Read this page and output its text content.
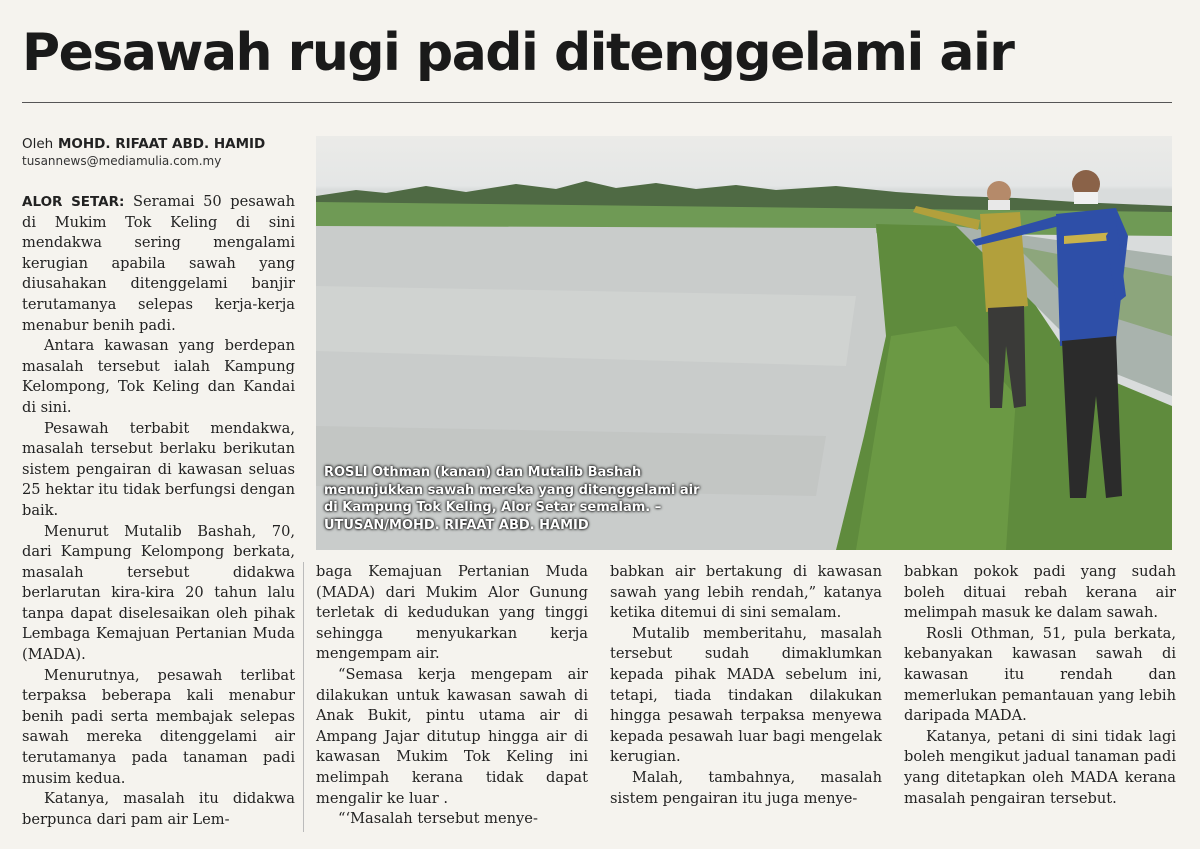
Pesawah rugi padi ditenggelami air
Oleh MOHD. RIFAAT ABD. HAMID
tusannews@mediamulia.com.my

ALOR SETAR: Seramai 50 pesawah di Mukim Tok Keling di sini mendakwa sering mengalami kerugian apabila sawah yang diusahakan ditenggelami banjir terutamanya selepas kerja-kerja menabur benih padi.

Antara kawasan yang berdepan masalah tersebut ialah Kampung Kelompong, Tok Keling dan Kandai di sini.

Pesawah terbabit mendakwa, masalah tersebut berlaku berikutan sistem pengairan di kawasan seluas 25 hektar itu tidak berfungsi dengan baik.

Menurut Mutalib Bashah, 70, dari Kampung Kelompong berkata, masalah tersebut didakwa berlarutan kira-kira 20 tahun lalu tanpa dapat diselesaikan oleh pihak Lembaga Kemajuan Pertanian Muda (MADA).

Menurutnya, pesawah terlibat terpaksa beberapa kali menabur benih padi serta membajak selepas sawah mereka ditenggelami air terutamanya pada tanaman padi musim kedua.

Katanya, masalah itu didakwa berpunca dari pam air Lem-

ROSLI Othman (kanan) dan Mutalib Bashah menunjukkan sawah mereka yang ditenggelami air di Kampung Tok Keling, Alor Setar semalam. – UTUSAN/MOHD. RIFAAT ABD. HAMID

baga Kemajuan Pertanian Muda (MADA) dari Mukim Alor Gunung terletak di kedudukan yang tinggi sehingga menyukarkan kerja mengempam air.

“Semasa kerja mengepam air dilakukan untuk kawasan sawah di Anak Bukit, pintu utama air di Ampang Jajar ditutup hingga air di kawasan Mukim Tok Keling ini melimpah kerana tidak dapat mengalir ke luar .

“‘Masalah tersebut menye-

babkan air bertakung di kawasan sawah yang lebih rendah,” katanya ketika ditemui di sini semalam.

Mutalib memberitahu, masalah tersebut sudah dimaklumkan kepada pihak MADA sebelum ini, tetapi, tiada tindakan dilakukan hingga pesawah terpaksa menyewa kepada pesawah luar bagi mengelak kerugian.

Malah, tambahnya, masalah sistem pengairan itu juga menye-

babkan pokok padi yang sudah boleh dituai rebah kerana air melimpah masuk ke dalam sawah.

Rosli Othman, 51, pula berkata, kebanyakan kawasan sawah di kawasan itu rendah dan memerlukan pemantauan yang lebih daripada MADA.

Katanya, petani di sini tidak lagi boleh mengikut jadual tanaman padi yang ditetapkan oleh MADA kerana masalah pengairan tersebut.
